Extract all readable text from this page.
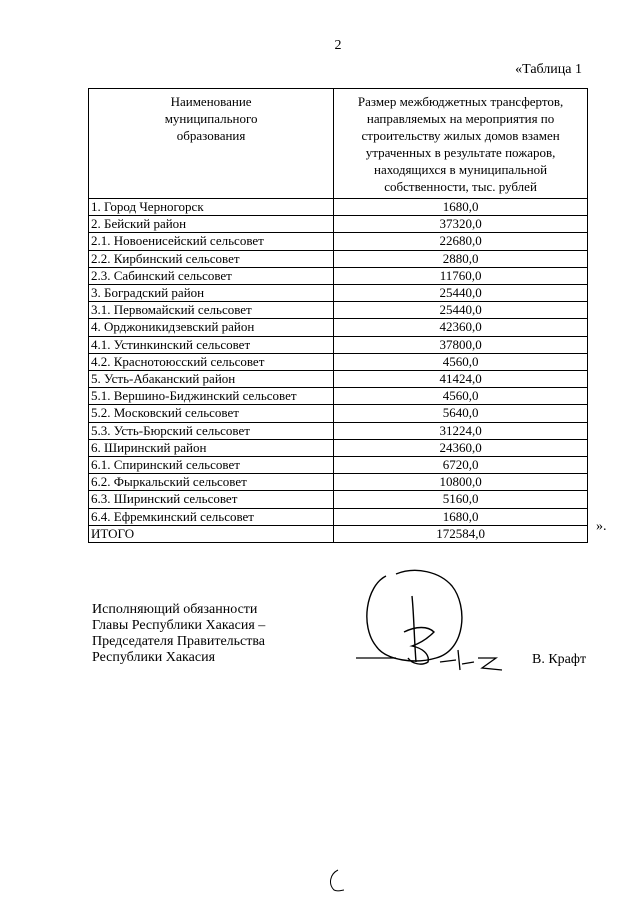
2
«Таблица 1
Наименование муниципального образования	Размер межбюджетных трансфертов, направляемых на мероприятия по строительству жилых домов взамен утраченных в результате пожаров, находящихся в муниципальной собственности, тыс. рублей

1. Город Черногорск	1680,0
2. Бейский район	37320,0
2.1. Новоенисейский сельсовет	22680,0
2.2. Кирбинский сельсовет	2880,0
2.3. Сабинский сельсовет	11760,0
3. Боградский район	25440,0
3.1. Первомайский сельсовет	25440,0
4. Орджоникидзевский район	42360,0
4.1. Устинкинский сельсовет	37800,0
4.2. Краснотоюсский сельсовет	4560,0
5. Усть-Абаканский район	41424,0
5.1. Вершино-Биджинский сельсовет	4560,0
5.2. Московский сельсовет	5640,0
5.3. Усть-Бюрский сельсовет	31224,0
6. Ширинский район	24360,0
6.1. Спиринский сельсовет	6720,0
6.2. Фыркальский сельсовет	10800,0
6.3. Ширинский сельсовет	5160,0
6.4. Ефремкинский сельсовет	1680,0
ИТОГО	172584,0	».
Исполняющий обязанности
Главы Республики Хакасия –
Председателя Правительства
Республики Хакасия	В. Крафт
